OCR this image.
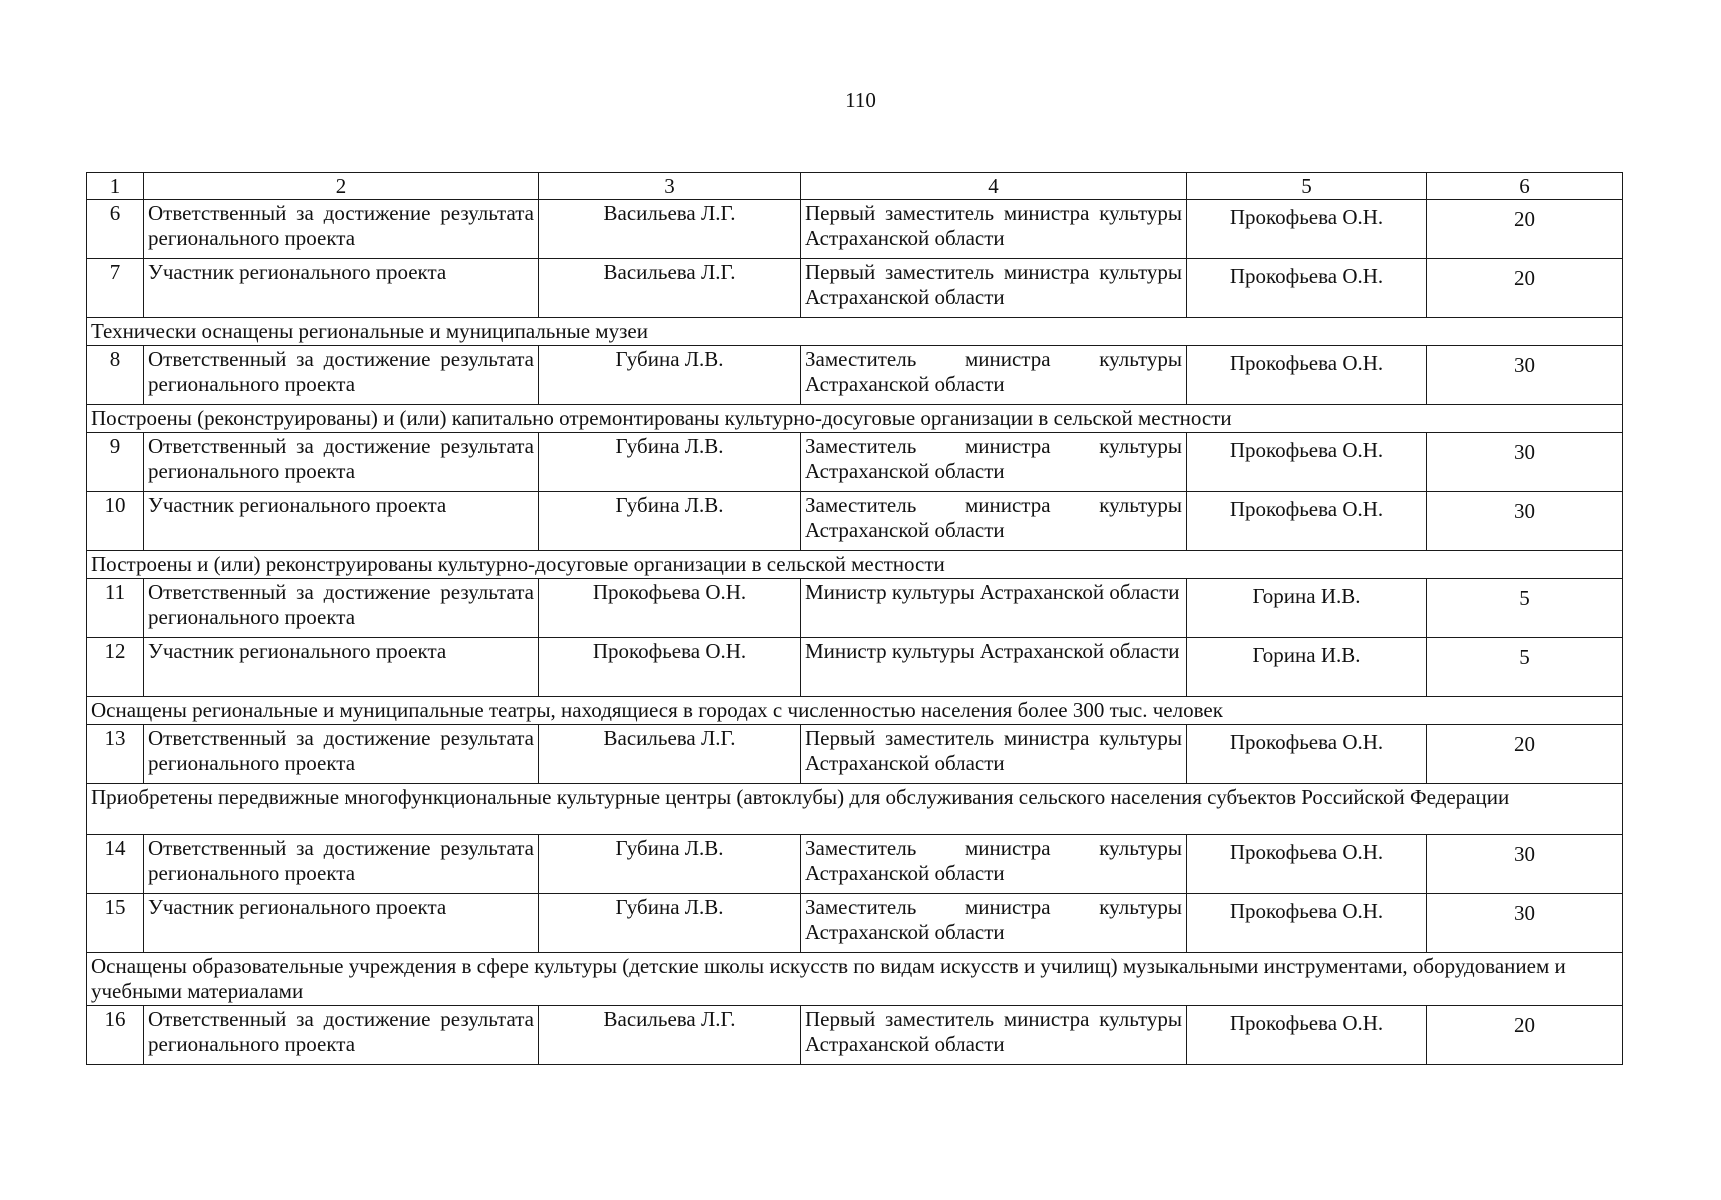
110
1	2	3	4	5	6
6	Ответственный за достижение результата регионального проекта	Васильева Л.Г.	Первый заместитель министра культуры Астраханской области	Прокофьева О.Н.	20
7	Участник регионального проекта	Васильева Л.Г.	Первый заместитель министра культуры Астраханской области	Прокофьева О.Н.	20
Технически оснащены региональные и муниципальные музеи					
8	Ответственный за достижение результата регионального проекта	Губина Л.В.	Заместитель министра культуры Астраханской области	Прокофьева О.Н.	30
Построены (реконструированы) и (или) капитально отремонтированы культурно-досуговые организации в сельской местности					
9	Ответственный за достижение результата регионального проекта	Губина Л.В.	Заместитель министра культуры Астраханской области	Прокофьева О.Н.	30
10	Участник регионального проекта	Губина Л.В.	Заместитель министра культуры Астраханской области	Прокофьева О.Н.	30
Построены и (или) реконструированы культурно-досуговые организации в сельской местности					
11	Ответственный за достижение результата регионального проекта	Прокофьева О.Н.	Министр культуры Астраханской области	Горина И.В.	5
12	Участник регионального проекта	Прокофьева О.Н.	Министр культуры Астраханской области	Горина И.В.	5
Оснащены региональные и муниципальные театры, находящиеся в городах с численностью населения более 300 тыс. человек					
13	Ответственный за достижение результата регионального проекта	Васильева Л.Г.	Первый заместитель министра культуры Астраханской области	Прокофьева О.Н.	20
Приобретены передвижные многофункциональные культурные центры (автоклубы) для обслуживания сельского населения субъектов Российской Федерации					
14	Ответственный за достижение результата регионального проекта	Губина Л.В.	Заместитель министра культуры Астраханской области	Прокофьева О.Н.	30
15	Участник регионального проекта	Губина Л.В.	Заместитель министра культуры Астраханской области	Прокофьева О.Н.	30
Оснащены образовательные учреждения в сфере культуры (детские школы искусств по видам искусств и училищ) музыкальными инструментами, оборудованием и учебными материалами					
16	Ответственный за достижение результата регионального проекта	Васильева Л.Г.	Первый заместитель министра культуры Астраханской области	Прокофьева О.Н.	20
